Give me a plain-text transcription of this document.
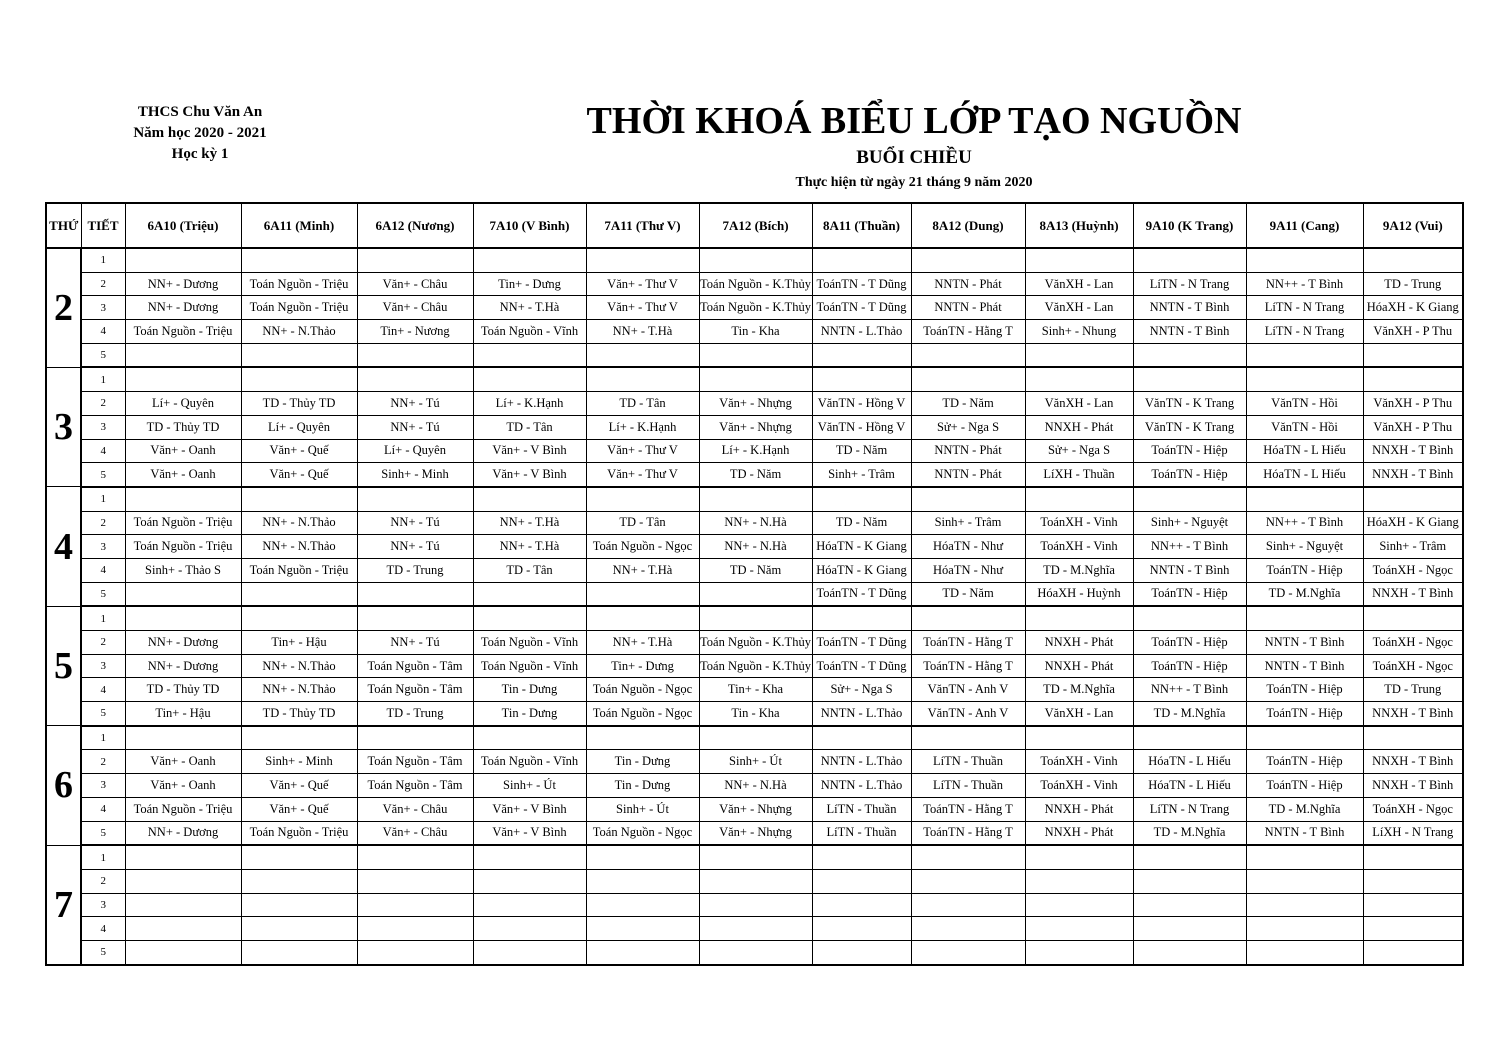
THCS Chu Văn An
Năm học 2020 - 2021
Học kỳ 1
THỜI KHOÁ BIỂU LỚP TẠO NGUỒN
BUỔI CHIỀU
Thực hiện từ ngày 21 tháng 9 năm 2020
THỨ	TIẾT	6A10 (Triệu)	6A11 (Minh)	6A12 (Nương)	7A10 (V Bình)	7A11 (Thư V)	7A12 (Bích)	8A11 (Thuần)	8A12 (Dung)	8A13 (Huỳnh)	9A10 (K Trang)	9A11 (Cang)	9A12 (Vui)
2	1												
	2	NN+ - Dương	Toán Nguồn - Triệu	Văn+ - Châu	Tin+ - Dưng	Văn+ - Thư V	Toán Nguồn - K.Thủy	ToánTN - T Dũng	NNTN - Phát	VănXH - Lan	LíTN - N Trang	NN++ - T Bình	TD - Trung
	3	NN+ - Dương	Toán Nguồn - Triệu	Văn+ - Châu	NN+ - T.Hà	Văn+ - Thư V	Toán Nguồn - K.Thủy	ToánTN - T Dũng	NNTN - Phát	VănXH - Lan	NNTN - T Bình	LíTN - N Trang	HóaXH - K Giang
	4	Toán Nguồn - Triệu	NN+ - N.Thảo	Tin+ - Nương	Toán Nguồn - Vĩnh	NN+ - T.Hà	Tin - Kha	NNTN - L.Thảo	ToánTN - Hằng T	Sinh+ - Nhung	NNTN - T Bình	LíTN - N Trang	VănXH - P Thu
	5												
3	1												
	2	Lí+ - Quyên	TD - Thủy TD	NN+ - Tú	Lí+ - K.Hạnh	TD - Tân	Văn+ - Nhựng	VănTN - Hồng V	TD - Năm	VănXH - Lan	VănTN - K Trang	VănTN - Hồi	VănXH - P Thu
	3	TD - Thủy TD	Lí+ - Quyên	NN+ - Tú	TD - Tân	Lí+ - K.Hạnh	Văn+ - Nhựng	VănTN - Hồng V	Sử+ - Nga S	NNXH - Phát	VănTN - K Trang	VănTN - Hồi	VănXH - P Thu
	4	Văn+ - Oanh	Văn+ - Quế	Lí+ - Quyên	Văn+ - V Bình	Văn+ - Thư V	Lí+ - K.Hạnh	TD - Năm	NNTN - Phát	Sử+ - Nga S	ToánTN - Hiệp	HóaTN - L Hiếu	NNXH - T Bình
	5	Văn+ - Oanh	Văn+ - Quế	Sinh+ - Minh	Văn+ - V Bình	Văn+ - Thư V	TD - Năm	Sinh+ - Trâm	NNTN - Phát	LíXH - Thuần	ToánTN - Hiệp	HóaTN - L Hiếu	NNXH - T Bình
4	1												
	2	Toán Nguồn - Triệu	NN+ - N.Thảo	NN+ - Tú	NN+ - T.Hà	TD - Tân	NN+ - N.Hà	TD - Năm	Sinh+ - Trâm	ToánXH - Vinh	Sinh+ - Nguyệt	NN++ - T Bình	HóaXH - K Giang
	3	Toán Nguồn - Triệu	NN+ - N.Thảo	NN+ - Tú	NN+ - T.Hà	Toán Nguồn - Ngọc	NN+ - N.Hà	HóaTN - K Giang	HóaTN - Như	ToánXH - Vinh	NN++ - T Bình	Sinh+ - Nguyệt	Sinh+ - Trâm
	4	Sinh+ - Thảo S	Toán Nguồn - Triệu	TD - Trung	TD - Tân	NN+ - T.Hà	TD - Năm	HóaTN - K Giang	HóaTN - Như	TD - M.Nghĩa	NNTN - T Bình	ToánTN - Hiệp	ToánXH - Ngọc
	5							ToánTN - T Dũng	TD - Năm	HóaXH - Huỳnh	ToánTN - Hiệp	TD - M.Nghĩa	NNXH - T Bình
5	1												
	2	NN+ - Dương	Tin+ - Hậu	NN+ - Tú	Toán Nguồn - Vĩnh	NN+ - T.Hà	Toán Nguồn - K.Thủy	ToánTN - T Dũng	ToánTN - Hằng T	NNXH - Phát	ToánTN - Hiệp	NNTN - T Bình	ToánXH - Ngọc
	3	NN+ - Dương	NN+ - N.Thảo	Toán Nguồn - Tâm	Toán Nguồn - Vĩnh	Tin+ - Dưng	Toán Nguồn - K.Thủy	ToánTN - T Dũng	ToánTN - Hằng T	NNXH - Phát	ToánTN - Hiệp	NNTN - T Bình	ToánXH - Ngọc
	4	TD - Thủy TD	NN+ - N.Thảo	Toán Nguồn - Tâm	Tin - Dưng	Toán Nguồn - Ngọc	Tin+ - Kha	Sử+ - Nga S	VănTN - Anh V	TD - M.Nghĩa	NN++ - T Bình	ToánTN - Hiệp	TD - Trung
	5	Tin+ - Hậu	TD - Thủy TD	TD - Trung	Tin - Dưng	Toán Nguồn - Ngọc	Tin - Kha	NNTN - L.Thảo	VănTN - Anh V	VănXH - Lan	TD - M.Nghĩa	ToánTN - Hiệp	NNXH - T Bình
6	1												
	2	Văn+ - Oanh	Sinh+ - Minh	Toán Nguồn - Tâm	Toán Nguồn - Vĩnh	Tin - Dưng	Sinh+ - Út	NNTN - L.Thảo	LíTN - Thuần	ToánXH - Vinh	HóaTN - L Hiếu	ToánTN - Hiệp	NNXH - T Bình
	3	Văn+ - Oanh	Văn+ - Quế	Toán Nguồn - Tâm	Sinh+ - Út	Tin - Dưng	NN+ - N.Hà	NNTN - L.Thảo	LíTN - Thuần	ToánXH - Vinh	HóaTN - L Hiếu	ToánTN - Hiệp	NNXH - T Bình
	4	Toán Nguồn - Triệu	Văn+ - Quế	Văn+ - Châu	Văn+ - V Bình	Sinh+ - Út	Văn+ - Nhựng	LíTN - Thuần	ToánTN - Hằng T	NNXH - Phát	LíTN - N Trang	TD - M.Nghĩa	ToánXH - Ngọc
	5	NN+ - Dương	Toán Nguồn - Triệu	Văn+ - Châu	Văn+ - V Bình	Toán Nguồn - Ngọc	Văn+ - Nhựng	LíTN - Thuần	ToánTN - Hằng T	NNXH - Phát	TD - M.Nghĩa	NNTN - T Bình	LíXH - N Trang
7	1												
	2												
	3												
	4												
	5												
